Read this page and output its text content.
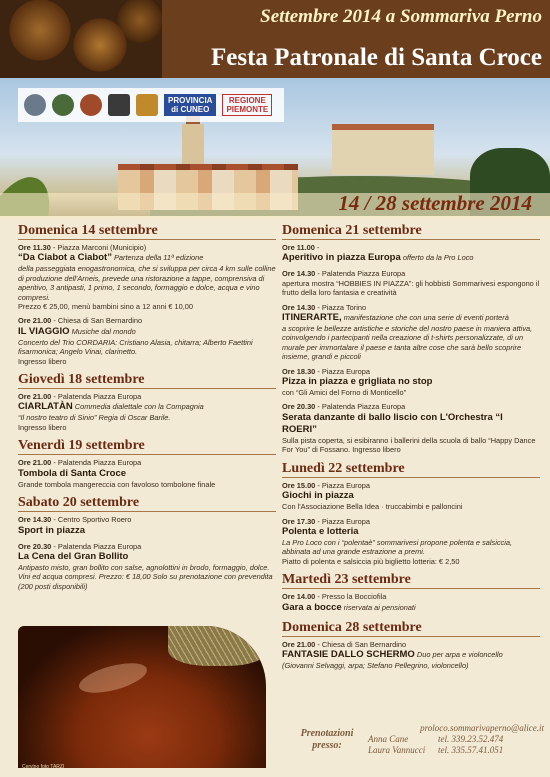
Settembre 2014 a Sommariva Perno
Festa Patronale di Santa Croce
PROVINCIA
di CUNEO
REGIONE
PIEMONTE
14 / 28 settembre 2014
Domenica 14 settembre
Ore 11.30 - Piazza Marconi (Municipio)
“Da Ciabot a Ciabot” Partenza della 11ª edizione
della passeggiata enogastronomica, che si sviluppa per circa 4 km sulle colline di produzione dell'Arneis, prevede una ristorazione a tappe, comprensiva di aperitivo, 3 antipasti, 1 primo, 1 secondo, formaggio e dolce, acqua e vino compresi.
Prezzo € 25,00, menù bambini sino a 12 anni € 10,00
Ore 21.00 - Chiesa di San Bernardino
IL VIAGGIO Musiche dal mondo
Concerto del Trio CORDARIA: Cristiano Alasia, chitarra; Alberto Faettini fisarmonica; Angelo Vinai, clarinetto.
Ingresso libero
Giovedì 18 settembre
Ore 21.00 - Palatenda Piazza Europa
CIARLATÀN Commedia dialettale con la Compagnia
“Il nostro teatro di Sinio” Regia di Oscar Barile.
Ingresso libero
Venerdì 19 settembre
Ore 21.00 - Palatenda Piazza Europa
Tombola di Santa Croce
Grande tombola mangereccia con favoloso tombolone finale
Sabato 20 settembre
Ore 14.30 - Centro Sportivo Roero
Sport in piazza
Ore 20.30 - Palatenda Piazza Europa
La Cena del Gran Bollito
Antipasto misto, gran bollito con salse, agnolottini in brodo, formaggio, dolce. Vini ed acqua compresi. Prezzo: € 18,00 Solo su prenotazione con prevendita (200 posti disponibili)
Domenica 21 settembre
Ore 11.00 -
Aperitivo in piazza Europa offerto da la Pro Loco
Ore 14.30 - Palatenda Piazza Europa
apertura mostra “HOBBIES IN PIAZZA”: gli hobbisti Sommarivesi espongono il frutto della loro fantasia e creatività
Ore 14.30 - Piazza Torino
ITINERARTE, manifestazione che con una serie di eventi porterà
a scoprire le bellezze artistiche e storiche del nostro paese in maniera attiva, coinvolgendo i partecipanti nella creazione di t-shirts personalizzate, di un murale per immortalare il paese e tanta altre cose che sarà bello scoprire insieme, grandi e piccoli
Ore 18.30 - Piazza Europa
Pizza in piazza e grigliata no stop
con “Gli Amici del Forno di Monticello”
Ore 20.30 - Palatenda Piazza Europa
Serata danzante di ballo liscio con L'Orchestra “I ROERI”
Sulla pista coperta, si esibiranno i ballerini della scuola di ballo “Happy Dance For You” di Fossano. Ingresso libero
Lunedì 22 settembre
Ore 15.00 - Piazza Europa
Giochi in piazza
Con l'Associazione Bella Idea · truccabimbi e palloncini
Ore 17.30 - Piazza Europa
Polenta e lotteria
La Pro Loco con i “polentaè” sommarivesi propone polenta e salsiccia, abbinata ad una grande estrazione a premi.
Piatto di polenta e salsiccia più biglietto lotteria: € 2,50
Martedì 23 settembre
Ore 14.00 - Presso la Bocciofila
Gara a bocce riservata ai pensionati
Domenica 28 settembre
Ore 21.00 - Chiesa di San Bernardino
FANTASIE DALLO SCHERMO Duo per arpa e violoncello
(Giovanni Selvaggi, arpa; Stefano Pellegrino, violoncello)
Cervino foto TARZI
Prenotazioni presso:
proloco.sommarivaperno@alice.it
Anna Cane	tel. 339.23.52.474
Laura Vannucci	tel. 335.57.41.051
